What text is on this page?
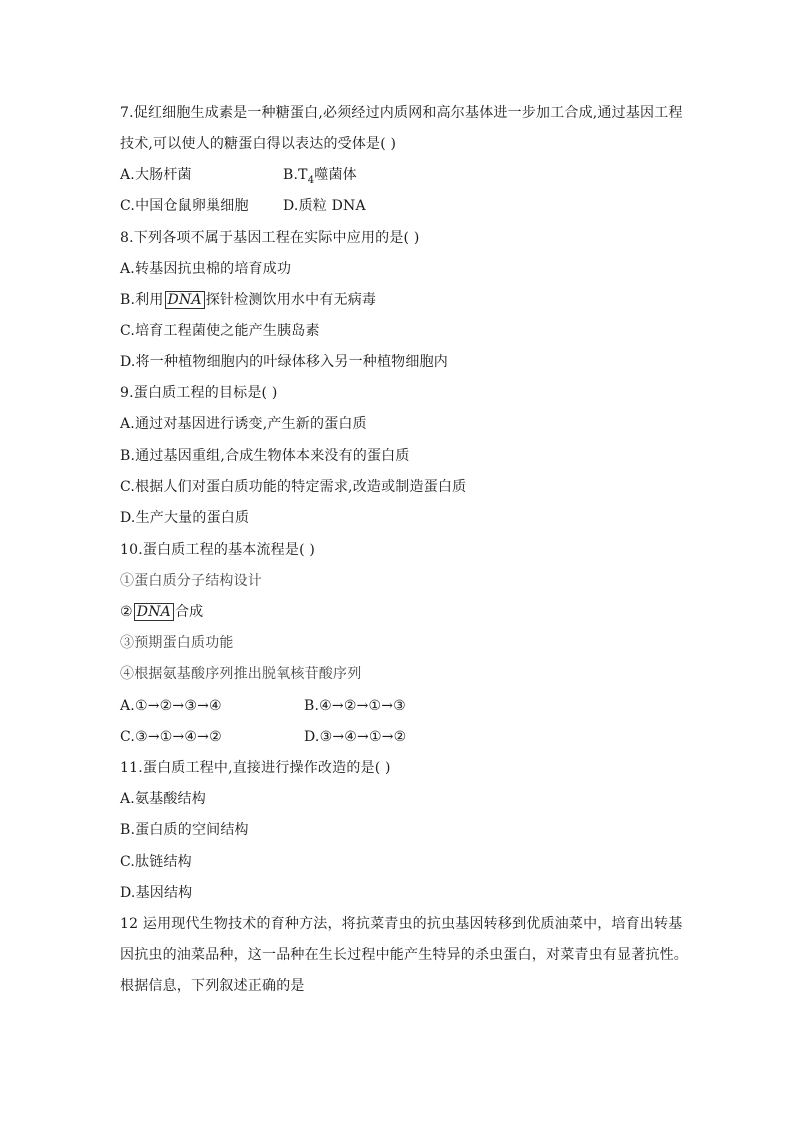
7.促红细胞生成素是一种糖蛋白,必须经过内质网和高尔基体进一步加工合成,通过基因工程
技术,可以使人的糖蛋白得以表达的受体是( )
A.大肠杆菌	$B.T_4$噬菌体
C.中国仓鼠卵巢细胞 D.质粒 DNA
8.下列各项不属于基因工程在实际中应用的是( )
A.转基因抗虫棉的培育成功
B.利用 DNA 探针检测饮用水中有无病毒
C.培育工程菌使之能产生胰岛素
D.将一种植物细胞内的叶绿体移入另一种植物细胞内
9.蛋白质工程的目标是( )
A.通过对基因进行诱变,产生新的蛋白质
B.通过基因重组,合成生物体本来没有的蛋白质
C.根据人们对蛋白质功能的特定需求,改造或制造蛋白质
D.生产大量的蛋白质
10.蛋白质工程的基本流程是( )
①蛋白质分子结构设计
② DNA 合成
③预期蛋白质功能
④根据氨基酸序列推出脱氧核苷酸序列
A.①→②→③→④	B.④→②→①→③
C.③→①→④→②	D.③→④→①→②
11.蛋白质工程中,直接进行操作改造的是( )
A.氨基酸结构
B.蛋白质的空间结构
C.肽链结构
D.基因结构
12 运用现代生物技术的育种方法，将抗菜青虫的抗虫基因转移到优质油菜中，培育出转基
因抗虫的油菜品种，这一品种在生长过程中能产生特异的杀虫蛋白，对菜青虫有显著抗性。
根据信息，下列叙述正确的是
